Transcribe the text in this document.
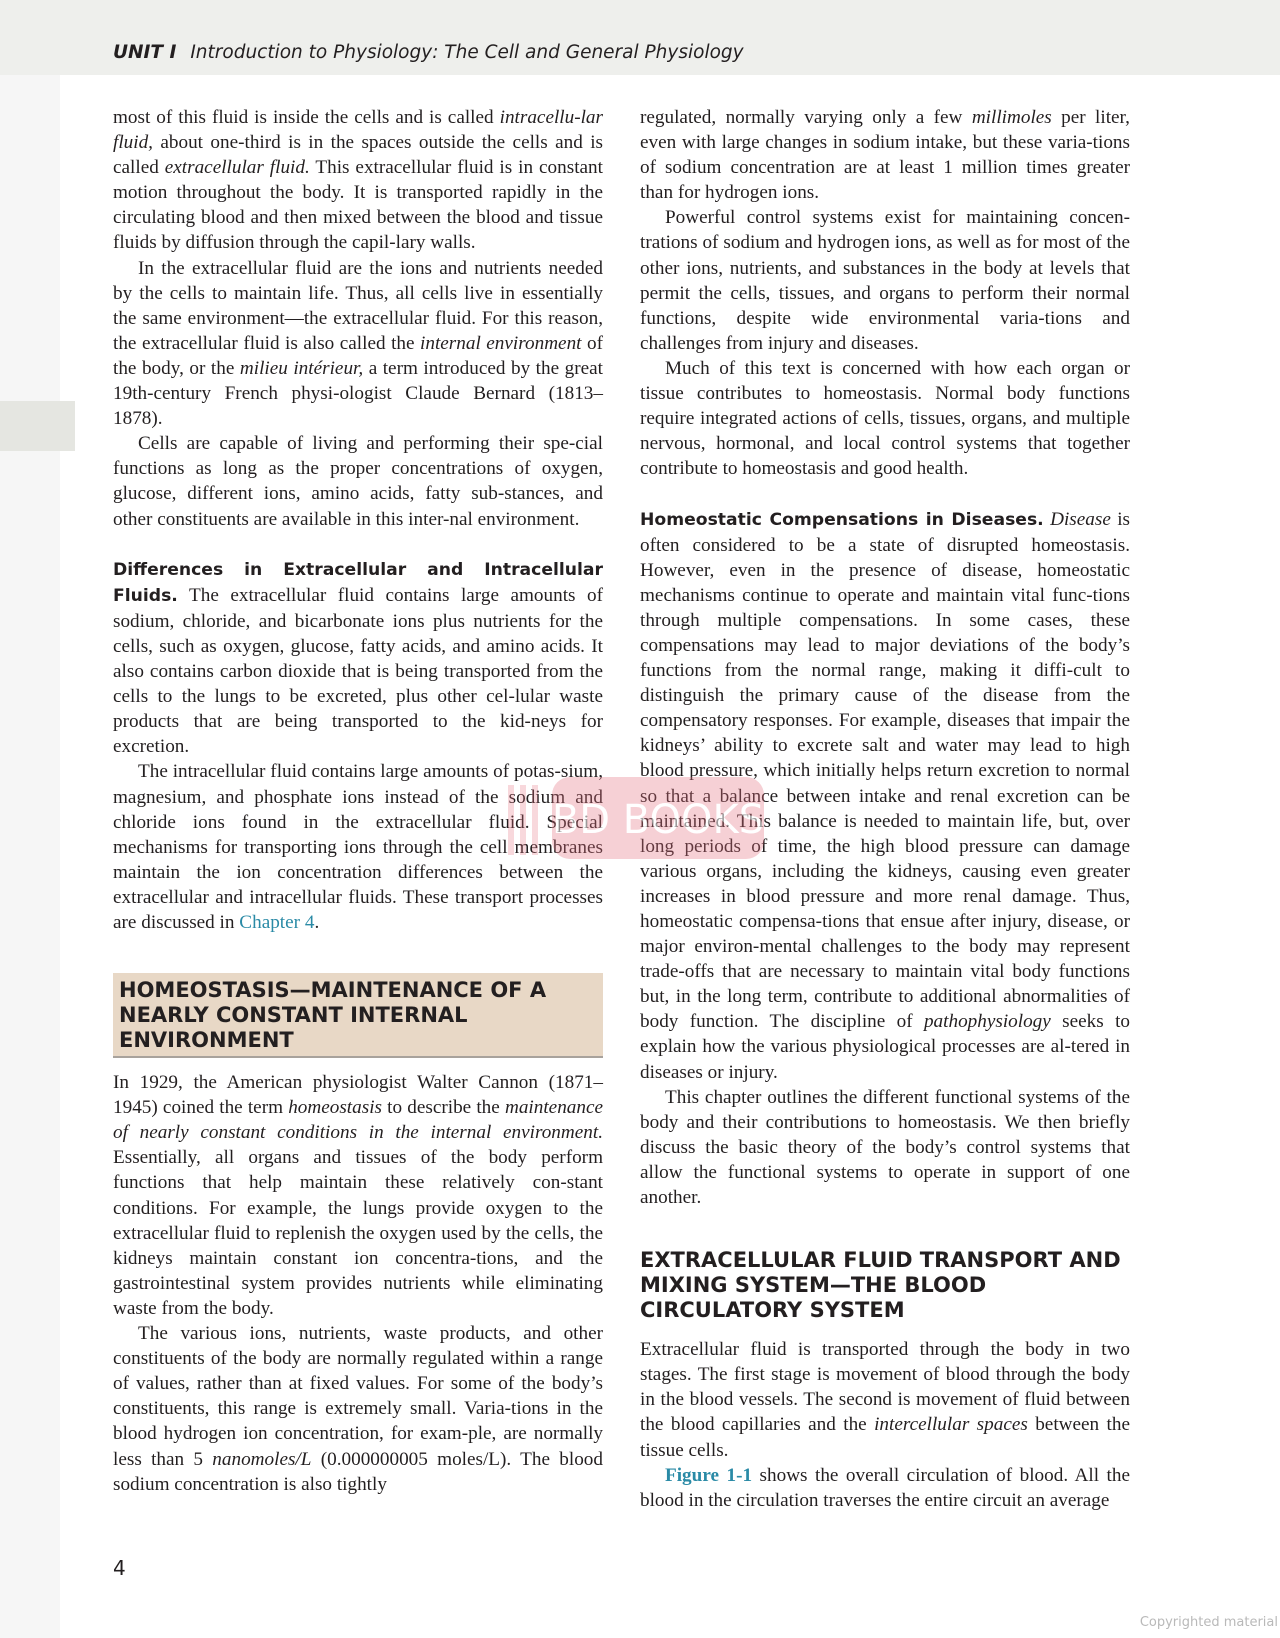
UNIT I Introduction to Physiology: The Cell and General Physiology

most of this fluid is inside the cells and is called intracellu-lar fluid, about one-third is in the spaces outside the cells and is called extracellular fluid. This extracellular fluid is in constant motion throughout the body. It is transported rapidly in the circulating blood and then mixed between the blood and tissue fluids by diffusion through the capil-lary walls.

In the extracellular fluid are the ions and nutrients needed by the cells to maintain life. Thus, all cells live in essentially the same environment—the extracellular fluid. For this reason, the extracellular fluid is also called the internal environment of the body, or the milieu intérieur, a term introduced by the great 19th-century French physi-ologist Claude Bernard (1813–1878).

Cells are capable of living and performing their spe-cial functions as long as the proper concentrations of oxygen, glucose, different ions, amino acids, fatty sub-stances, and other constituents are available in this inter-nal environment.

Differences in Extracellular and Intracellular Fluids. The extracellular fluid contains large amounts of sodium, chloride, and bicarbonate ions plus nutrients for the cells, such as oxygen, glucose, fatty acids, and amino acids. It also contains carbon dioxide that is being transported from the cells to the lungs to be excreted, plus other cel-lular waste products that are being transported to the kid-neys for excretion.

The intracellular fluid contains large amounts of potas-sium, magnesium, and phosphate ions instead of the sodium and chloride ions found in the extracellular fluid. Special mechanisms for transporting ions through the cell membranes maintain the ion concentration differences between the extracellular and intracellular fluids. These transport processes are discussed in Chapter 4.

HOMEOSTASIS—MAINTENANCE OF A NEARLY CONSTANT INTERNAL ENVIRONMENT

In 1929, the American physiologist Walter Cannon (1871–1945) coined the term homeostasis to describe the maintenance of nearly constant conditions in the internal environment. Essentially, all organs and tissues of the body perform functions that help maintain these relatively con-stant conditions. For example, the lungs provide oxygen to the extracellular fluid to replenish the oxygen used by the cells, the kidneys maintain constant ion concentra-tions, and the gastrointestinal system provides nutrients while eliminating waste from the body.

The various ions, nutrients, waste products, and other constituents of the body are normally regulated within a range of values, rather than at fixed values. For some of the body’s constituents, this range is extremely small. Varia-tions in the blood hydrogen ion concentration, for exam-ple, are normally less than 5 nanomoles/L (0.000000005 moles/L). The blood sodium concentration is also tightly

regulated, normally varying only a few millimoles per liter, even with large changes in sodium intake, but these varia-tions of sodium concentration are at least 1 million times greater than for hydrogen ions.

Powerful control systems exist for maintaining concen-trations of sodium and hydrogen ions, as well as for most of the other ions, nutrients, and substances in the body at levels that permit the cells, tissues, and organs to perform their normal functions, despite wide environmental varia-tions and challenges from injury and diseases.

Much of this text is concerned with how each organ or tissue contributes to homeostasis. Normal body functions require integrated actions of cells, tissues, organs, and multiple nervous, hormonal, and local control systems that together contribute to homeostasis and good health.

Homeostatic Compensations in Diseases. Disease is often considered to be a state of disrupted homeostasis. However, even in the presence of disease, homeostatic mechanisms continue to operate and maintain vital func-tions through multiple compensations. In some cases, these compensations may lead to major deviations of the body’s functions from the normal range, making it diffi-cult to distinguish the primary cause of the disease from the compensatory responses. For example, diseases that impair the kidneys’ ability to excrete salt and water may lead to high blood pressure, which initially helps return excretion to normal so that a balance between intake and renal excretion can be maintained. This balance is needed to maintain life, but, over long periods of time, the high blood pressure can damage various organs, including the kidneys, causing even greater increases in blood pressure and more renal damage. Thus, homeostatic compensa-tions that ensue after injury, disease, or major environ-mental challenges to the body may represent trade-offs that are necessary to maintain vital body functions but, in the long term, contribute to additional abnormalities of body function. The discipline of pathophysiology seeks to explain how the various physiological processes are al-tered in diseases or injury.

This chapter outlines the different functional systems of the body and their contributions to homeostasis. We then briefly discuss the basic theory of the body’s control systems that allow the functional systems to operate in support of one another.

EXTRACELLULAR FLUID TRANSPORT AND MIXING SYSTEM—THE BLOOD CIRCULATORY SYSTEM

Extracellular fluid is transported through the body in two stages. The first stage is movement of blood through the body in the blood vessels. The second is movement of fluid between the blood capillaries and the intercellular spaces between the tissue cells.

Figure 1-1 shows the overall circulation of blood. All the blood in the circulation traverses the entire circuit an average

BD BOOKS
4
Copyrighted material
